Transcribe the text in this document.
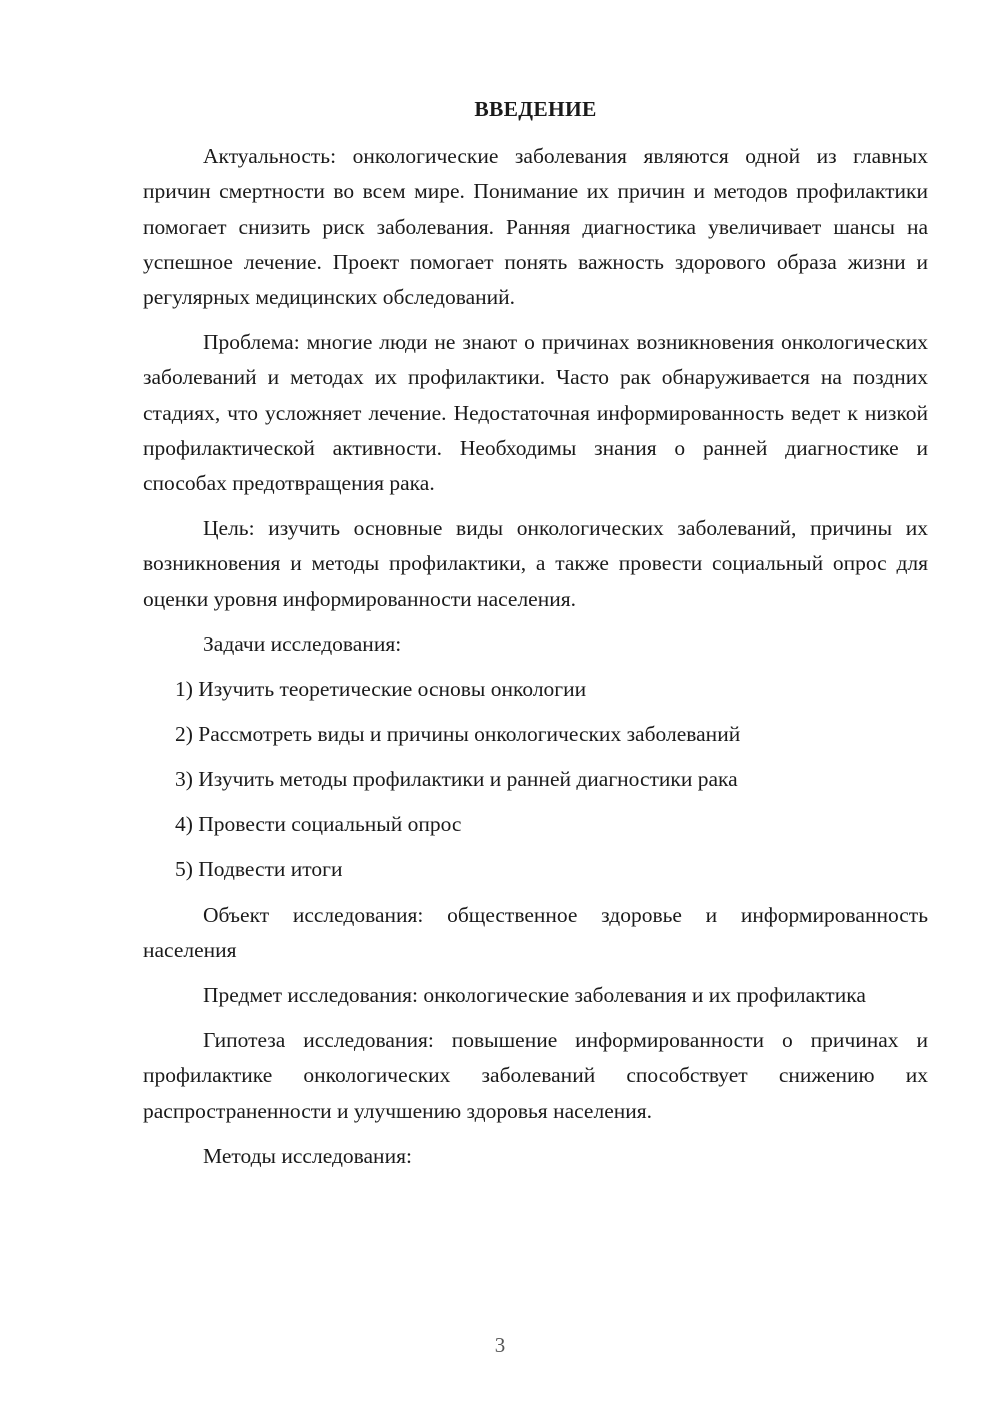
ВВЕДЕНИЕ

Актуальность: онкологические заболевания являются одной из главных причин смертности во всем мире. Понимание их причин и методов профилактики помогает снизить риск заболевания. Ранняя диагностика увеличивает шансы на успешное лечение. Проект помогает понять важность здорового образа жизни и регулярных медицинских обследований.

Проблема: многие люди не знают о причинах возникновения онкологических заболеваний и методах их профилактики. Часто рак обнаруживается на поздних стадиях, что усложняет лечение. Недостаточная информированность ведет к низкой профилактической активности. Необходимы знания о ранней диагностике и способах предотвращения рака.

Цель: изучить основные виды онкологических заболеваний, причины их возникновения и методы профилактики, а также провести социальный опрос для оценки уровня информированности населения.

Задачи исследования:

1) Изучить теоретические основы онкологии
2) Рассмотреть виды и причины онкологических заболеваний
3) Изучить методы профилактики и ранней диагностики рака
4) Провести социальный опрос
5) Подвести итоги

Объект исследования: общественное здоровье и информированность населения

Предмет исследования: онкологические заболевания и их профилактика

Гипотеза исследования: повышение информированности о причинах и профилактике онкологических заболеваний способствует снижению их распространенности и улучшению здоровья населения.

Методы исследования:

3
